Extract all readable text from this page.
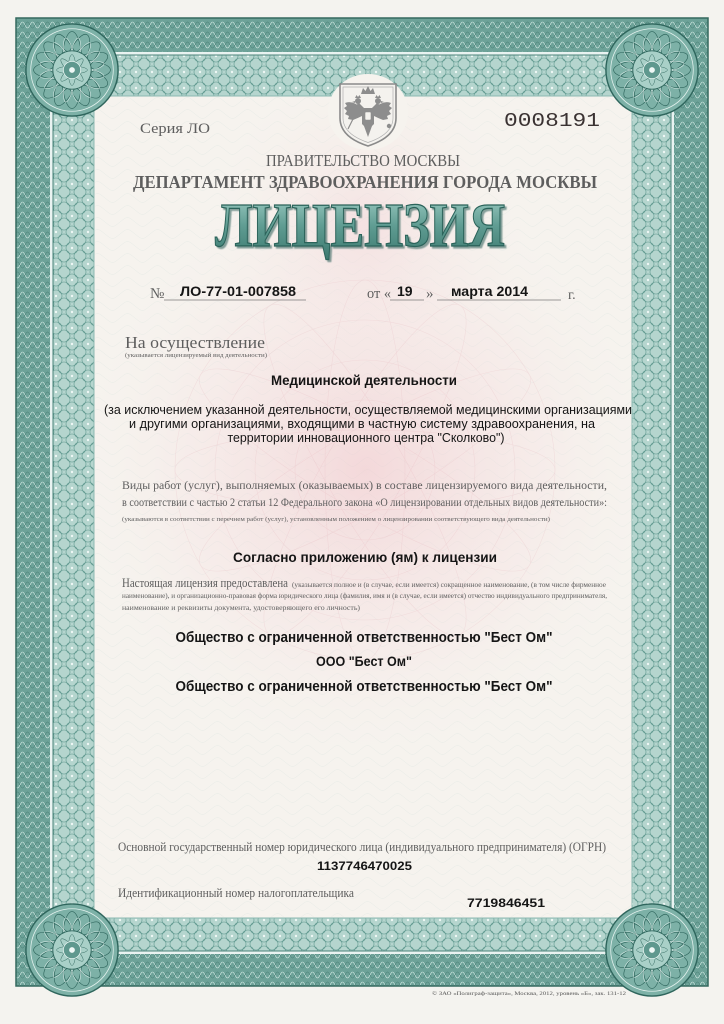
Серия ЛО	0008191
ПРАВИТЕЛЬСТВО МОСКВЫ
ДЕПАРТАМЕНТ ЗДРАВООХРАНЕНИЯ ГОРОДА МОСКВЫ
ЛИЦЕНЗИЯ
№ ЛО-77-01-007858	от « 19 » марта 2014	г.
На осуществление
(указывается лицензируемый вид деятельности)
Медицинской деятельности
(за исключением указанной деятельности, осуществляемой медицинскими организациями
и другими организациями, входящими в частную систему здравоохранения, на
территории инновационного центра "Сколково")
Виды работ (услуг), выполняемых (оказываемых) в составе лицензируемого вида деятельности,
в соответствии с частью 2 статьи 12 Федерального закона «О лицензировании отдельных видов деятельности»:
(указываются в соответствии с перечнем работ (услуг), установленным положением о лицензировании соответствующего вида деятельности)
Согласно приложению (ям) к лицензии
Настоящая лицензия предоставлена (указывается полное и (в случае, если имеется) сокращенное наименование, (в том числе фирменное
наименование), и организационно-правовая форма юридического лица (фамилия, имя и (в случае, если имеется) отчество индивидуального предпринимателя,
наименование и реквизиты документа, удостоверяющего его личность)
Общество с ограниченной ответственностью "Бест Ом"
ООО "Бест Ом"
Общество с ограниченной ответственностью "Бест Ом"
Основной государственный номер юридического лица (индивидуального предпринимателя) (ОГРН)
1137746470025
Идентификационный номер налогоплательщика
7719846451
© ЗАО «Полиграф-защита», Москва, 2012, уровень «Б», зак. 131-12
